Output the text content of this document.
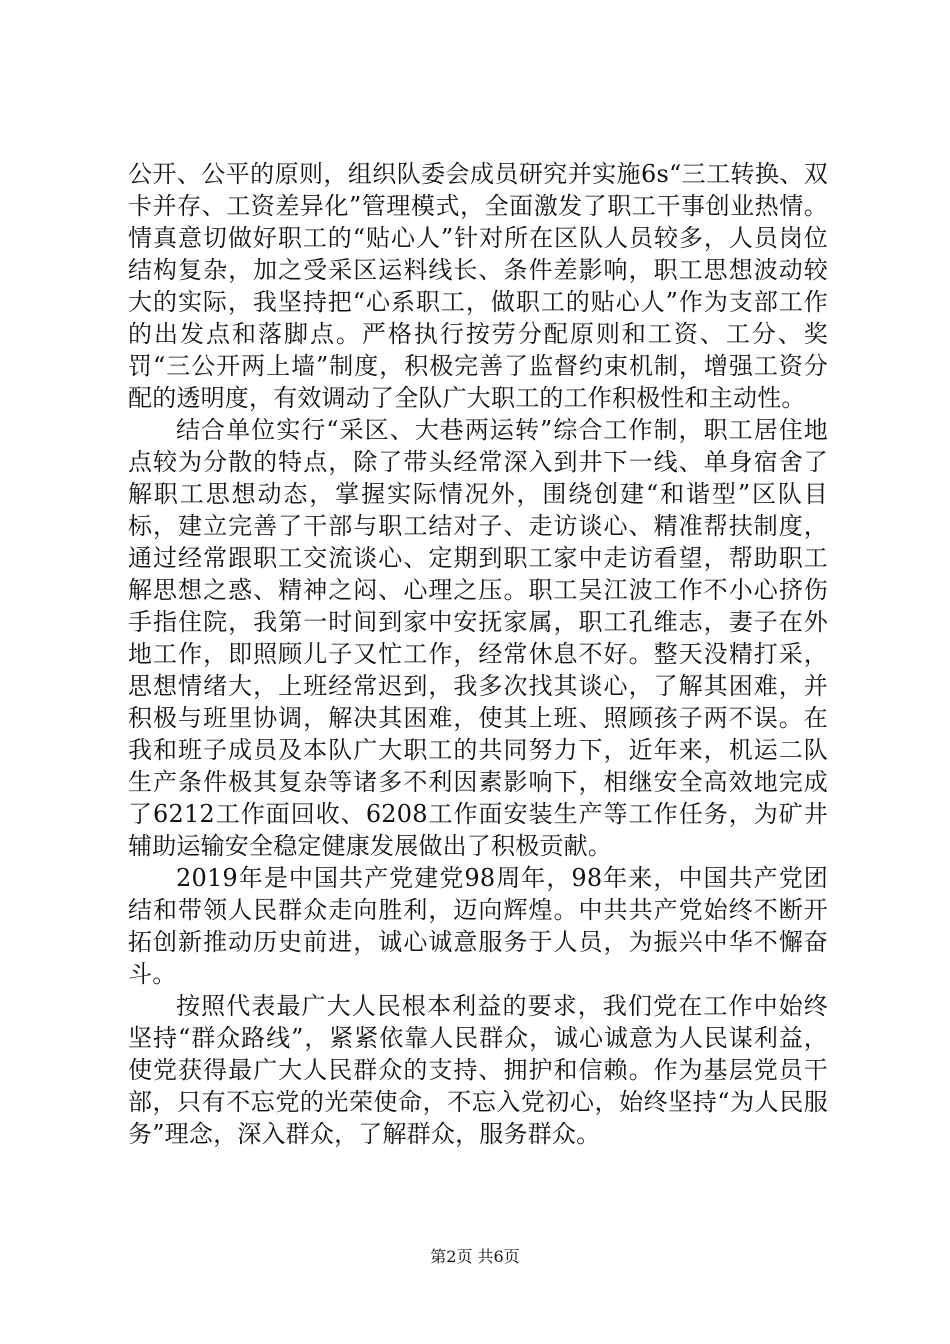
公开、公平的原则，组织队委会成员研究并实施6s“三工转换、双卡并存、工资差异化”管理模式，全面激发了职工干事创业热情。情真意切做好职工的“贴心人”针对所在区队人员较多，人员岗位结构复杂，加之受采区运料线长、条件差影响，职工思想波动较大的实际，我坚持把“心系职工，做职工的贴心人”作为支部工作的出发点和落脚点。严格执行按劳分配原则和工资、工分、奖罚“三公开两上墙”制度，积极完善了监督约束机制，增强工资分配的透明度，有效调动了全队广大职工的工作积极性和主动性。

结合单位实行“采区、大巷两运转”综合工作制，职工居住地点较为分散的特点，除了带头经常深入到井下一线、单身宿舍了解职工思想动态，掌握实际情况外，围绕创建“和谐型”区队目标，建立完善了干部与职工结对子、走访谈心、精准帮扶制度，通过经常跟职工交流谈心、定期到职工家中走访看望，帮助职工解思想之惑、精神之闷、心理之压。职工吴江波工作不小心挤伤手指住院，我第一时间到家中安抚家属，职工孔维志，妻子在外地工作，即照顾儿子又忙工作，经常休息不好。整天没精打采，思想情绪大，上班经常迟到，我多次找其谈心，了解其困难，并积极与班里协调，解决其困难，使其上班、照顾孩子两不误。在我和班子成员及本队广大职工的共同努力下，近年来，机运二队生产条件极其复杂等诸多不利因素影响下，相继安全高效地完成了6212工作面回收、6208工作面安装生产等工作任务，为矿井辅助运输安全稳定健康发展做出了积极贡献。

2019年是中国共产党建党98周年，98年来，中国共产党团结和带领人民群众走向胜利，迈向辉煌。中共共产党始终不断开拓创新推动历史前进，诚心诚意服务于人员，为振兴中华不懈奋斗。

按照代表最广大人民根本利益的要求，我们党在工作中始终坚持“群众路线”，紧紧依靠人民群众，诚心诚意为人民谋利益，使党获得最广大人民群众的支持、拥护和信赖。作为基层党员干部，只有不忘党的光荣使命，不忘入党初心，始终坚持“为人民服务”理念，深入群众，了解群众，服务群众。

第2页 共6页
